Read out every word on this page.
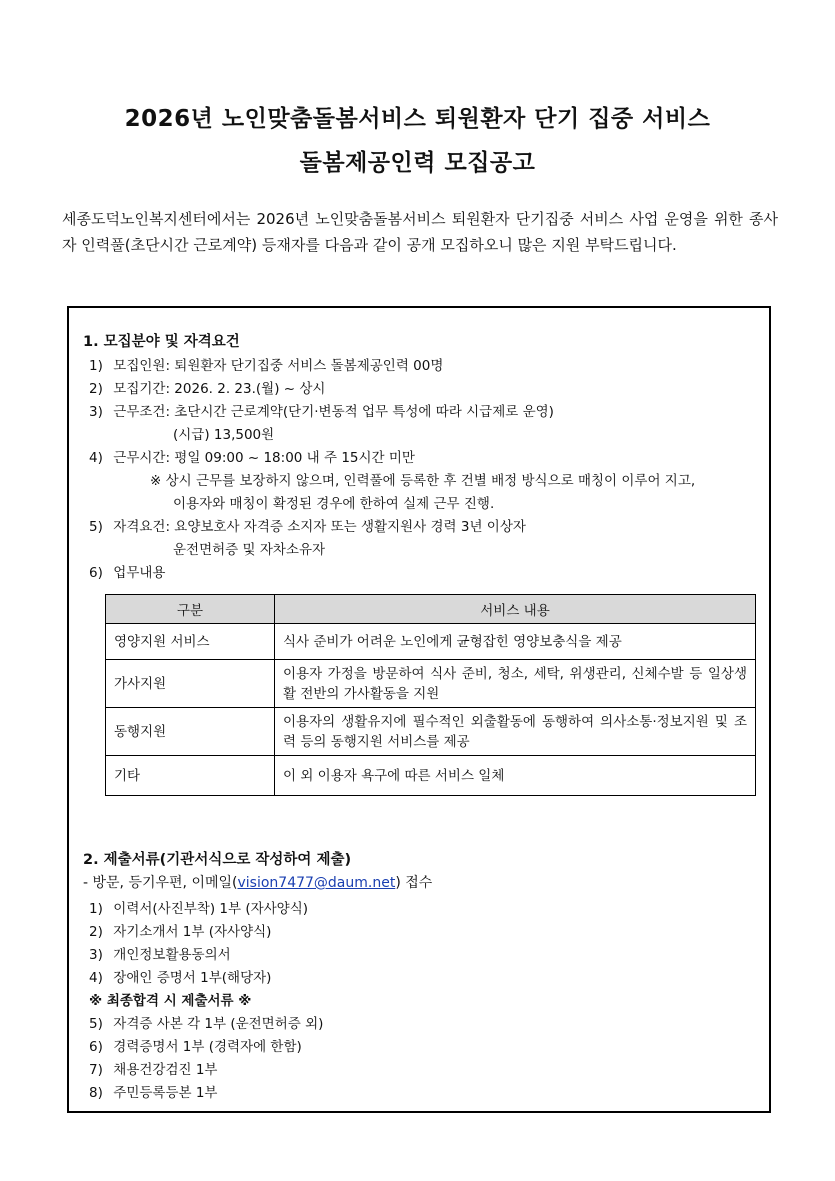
2026년 노인맞춤돌봄서비스 퇴원환자 단기 집중 서비스
돌봄제공인력 모집공고
세종도덕노인복지센터에서는 2026년 노인맞춤돌봄서비스 퇴원환자 단기집중 서비스 사업 운영을 위한 종사자 인력풀(초단시간 근로계약) 등재자를 다음과 같이 공개 모집하오니 많은 지원 부탁드립니다.
1. 모집분야 및 자격요건
1) 모집인원: 퇴원환자 단기집중 서비스 돌봄제공인력 00명
2) 모집기간: 2026. 2. 23.(월) ~ 상시
3) 근무조건: 초단시간 근로계약(단기·변동적 업무 특성에 따라 시급제로 운영)
(시급) 13,500원
4) 근무시간: 평일 09:00 ~ 18:00 내 주 15시간 미만
※ 상시 근무를 보장하지 않으며, 인력풀에 등록한 후 건별 배정 방식으로 매칭이 이루어 지고,
이용자와 매칭이 확정된 경우에 한하여 실제 근무 진행.
5) 자격요건: 요양보호사 자격증 소지자 또는 생활지원사 경력 3년 이상자
운전면허증 및 자차소유자
6) 업무내용
구분	서비스 내용
영양지원 서비스	식사 준비가 어려운 노인에게 균형잡힌 영양보충식을 제공
가사지원	이용자 가정을 방문하여 식사 준비, 청소, 세탁, 위생관리, 신체수발 등 일상생활 전반의 가사활동을 지원
동행지원	이용자의 생활유지에 필수적인 외출활동에 동행하여 의사소통·정보지원 및 조력 등의 동행지원 서비스를 제공
기타	이 외 이용자 욕구에 따른 서비스 일체
2. 제출서류(기관서식으로 작성하여 제출)
- 방문, 등기우편, 이메일(vision7477@daum.net) 접수
1) 이력서(사진부착) 1부 (자사양식)
2) 자기소개서 1부 (자사양식)
3) 개인정보활용동의서
4) 장애인 증명서 1부(해당자)
※ 최종합격 시 제출서류 ※
5) 자격증 사본 각 1부 (운전면허증 외)
6) 경력증명서 1부 (경력자에 한함)
7) 채용건강검진 1부
8) 주민등록등본 1부
